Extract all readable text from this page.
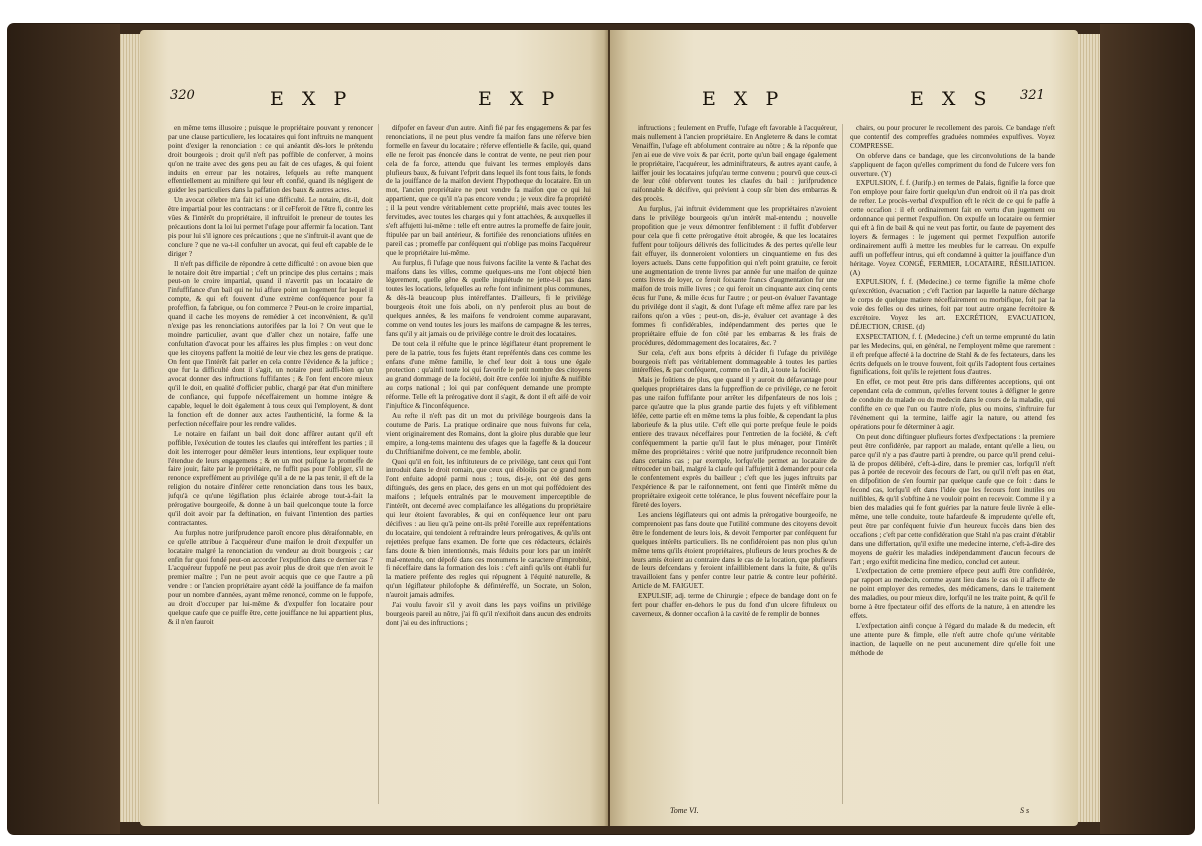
320	E X P	E X P

en même tems illusoire ; puisque le propriétaire pouvant y renoncer par une clause particuliere, les locataires qui font inftruits ne manquent point d'exiger la renonciation : ce qui anéantit dès-lors le prétendu droit bourgeois ; droit qu'il n'eft pas poffible de conferver, à moins qu'on ne traite avec des gens peu au fait de ces ufages, & qui foient induits en erreur par les notaires, lefquels au refte manquent effentiellement au miniftere qui leur eft confié, quand ils négligent de guider les particuliers dans la paffation des baux & autres actes.

Un avocat célebre m'a fait ici une difficulté. Le notaire, dit-il, doit être impartial pour les contractans : or il ceFferoit de l'être fi, contre les vûes & l'intérêt du propriétaire, il inftruifoit le preneur de toutes les précautions dont la loi lui permet l'ufage pour affermir fa location. Tant pis pour lui s'il ignore ces précautions ; que ne s'inftruit-il avant que de conclure ? que ne va-t-il confulter un avocat, qui feul eft capable de le diriger ?

Il n'eft pas difficile de répondre à cette difficulté : on avoue bien que le notaire doit être impartial ; c'eft un principe des plus certains ; mais peut-on le croire impartial, quand il n'avertit pas un locataire de l'infuffifance d'un bail qui ne lui affure point un logement fur lequel il compte, & qui eft fouvent d'une extrème conféquence pour fa profeffion, fa fabrique, ou fon commerce ? Peut-on le croire impartial, quand il cache les moyens de remédier à cet inconvénient, & qu'il n'exige pas les renonciations autorifées par la loi ? On veut que le moindre particulier, avant que d'aller chez un notaire, faffe une confultation d'avocat pour les affaires les plus fimples : on veut donc que les citoyens paffent la moitié de leur vie chez les gens de pratique. On fent que l'intérêt fait parler en cela contre l'évidence & la juftice ; que fur la difficulté dont il s'agit, un notaire peut auffi-bien qu'un avocat donner des inftructions fuffifantes ; & l'on fent encore mieux qu'il le doit, en qualité d'officier public, chargé par état d'un miniftere de confiance, qui fuppofe néceffairement un homme intégre & capable, lequel le doit également à tous ceux qui l'employent, & dont la fonction eft de donner aux actes l'authenticité, la forme & la perfection néceffaire pour les rendre valides.

Le notaire en faifant un bail doit donc affûrer autant qu'il eft poffible, l'exécution de toutes les claufes qui intéreffent les parties ; il doit les interroger pour démêler leurs intentions, leur expliquer toute l'étendue de leurs engagemens ; & en un mot puifque la promeffe de faire jouir, faite par le propriétaire, ne fuffit pas pour l'obliger, s'il ne renonce expreffément au privilége qu'il a de ne la pas tenir, il eft de la religion du notaire d'inférer cette renonciation dans tous les baux, jufqu'à ce qu'une légiflation plus éclairée abroge tout-à-fait la prérogative bourgeoife, & donne à un bail quelconque toute la force qu'il doit avoir par fa deftination, en fuivant l'intention des parties contractantes.

Au furplus notre jurifprudence paroît encore plus déraifonnable, en ce qu'elle attribue à l'acquéreur d'une maifon le droit d'expulfer un locataire malgré la renonciation du vendeur au droit bourgeois ; car enfin fur quoi fondé peut-on accorder l'expulfion dans ce dernier cas ? L'acquéreur fuppofé ne peut pas avoir plus de droit que n'en avoit le premier maître ; l'un ne peut avoir acquis que ce que l'autre a pû vendre : or l'ancien propriétaire ayant cédé la jouiffance de fa maifon pour un nombre d'années, ayant même renoncé, comme on le fuppofe, au droit d'occuper par lui-même & d'expulfer fon locataire pour quelque caufe que ce puiffe être, cette jouiffance ne lui appartient plus, & il n'en fauroit

difpofer en faveur d'un autre. Ainfi fié par fes engagemens & par fes renonciations, il ne peut plus vendre fa maifon fans une réferve bien formelle en faveur du locataire ; réferve effentielle & facile, qui, quand elle ne feroit pas énoncée dans le contrat de vente, ne peut rien pour cela de fa force, attendu que fuivant les termes employés dans plufieurs baux, & fuivant l'efprit dans lequel ils font tous faits, le fonds de la jouiffance de la maifon devient l'hypotheque du locataire. En un mot, l'ancien propriétaire ne peut vendre fa maifon que ce qui lui appartient, que ce qu'il n'a pas encore vendu ; je veux dire fa propriété ; il la peut vendre véritablement cette propriété, mais avec toutes les fervitudes, avec toutes les charges qui y font attachées, & auxquelles il s'eft affujetti lui-même : telle eft entre autres la promeffe de faire jouir, ftipulée par un bail antérieur, & fortifiée des renonciations ufitées en pareil cas ; promeffe par conféquent qui n'oblige pas moins l'acquéreur que le propriétaire lui-même.

Au furplus, fi l'ufage que nous fuivons facilite la vente & l'achat des maifons dans les villes, comme quelques-uns me l'ont objecté bien légerement, quelle gêne & quelle inquiétude ne jette-t-il pas dans toutes les locations, lefquelles au refte font infiniment plus communes, & dès-là beaucoup plus intéreffantes. D'ailleurs, fi le privilége bourgeois étoit une fois aboli, on n'y penferoit plus au bout de quelques années, & les maifons fe vendroient comme auparavant, comme on vend toutes les jours les maifons de campagne & les terres, fans qu'il y ait jamais ou de privilége contre le droit des locataires.

De tout cela il réfulte que le prince légiflateur étant proprement le pere de la patrie, tous fes fujets étant repréfentés dans ces comme les enfans d'une même famille, le chef leur doit à tous une égale protection : qu'ainfi toute loi qui favorife le petit nombre des citoyens au grand dommage de la fociété, doit être cenfée loi injufte & nuifible au corps national ; loi qui par conféquent demande une prompte réforme. Telle eft la prérogative dont il s'agit, & dont il eft aifé de voir l'injuftice & l'inconféquence.

Au refte il n'eft pas dit un mot du privilége bourgeois dans la coutume de Paris. La pratique ordinaire que nous fuivons fur cela, vient originairement des Romains, dont la gloire plus durable que leur empire, a long-tems maintenu des ufages que la fageffe & la douceur du Chriftianifme doivent, ce me femble, abolir.

Quoi qu'il en foit, les inftituteurs de ce privilége, tant ceux qui l'ont introduit dans le droit romain, que ceux qui ébloüis par ce grand nom l'ont enfuite adopté parmi nous ; tous, dis-je, ont été des gens diftingués, des gens en place, des gens en un mot qui poffédoient des maifons ; lefquels entraînés par le mouvement imperceptible de l'intérêt, ont decerné avec complaifance les allégations du propriétaire qui leur étoient favorables, & qui en conféquence leur ont paru décifives : au lieu qu'à peine ont-ils prêté l'oreille aux repréfentations du locataire, qui tendoient à reftraindre leurs prérogatives, & qu'ils ont rejettées prefque fans examen. De forte que ces rédacteurs, éclairés fans doute & bien intentionnés, mais féduits pour lors par un intérêt mal-entendu, ont dépofé dans ces monumens le caractere d'improbité, fi néceffaire dans la formation des lois : c'eft ainfi qu'ils ont établi fur la matiere préfente des regles qui répugnent à l'équité naturelle, & qu'un légiflateur philofophe & défintéreffé, un Socrate, un Solon, n'auroit jamais admifes.

J'ai voulu favoir s'il y avoit dans les pays voifins un privilége bourgeois pareil au nôtre, j'ai fû qu'il n'exiftoit dans aucun des endroits dont j'ai eu des inftructions ;

E X P	E X S 321

inftructions ; feulement en Pruffe, l'ufage eft favorable à l'acquéreur, mais nullement à l'ancien propriétaire. En Angleterre & dans le comtat Venaiffin, l'ufage eft abfolument contraire au nôtre ; & la réponfe que j'en ai eue de vive voix & par écrit, porte qu'un bail engage également le propriétaire, l'acquéreur, les adminiftrateurs, & autres ayant caufe, à laiffer jouir les locataires jufqu'au terme convenu ; pourvû que ceux-ci de leur côté obfervent toutes les claufes du bail : jurifprudence raifonnable & décifive, qui prévient à coup sûr bien des embarras & des procès.

Au furplus, j'ai inftruit évidemment que les propriétaires n'avoient dans le privilége bourgeois qu'un intérêt mal-entendu ; nouvelle propofition que je veux démontrer fenfiblement : il fuffit d'obferver pour cela que fi cette prérogative étoit abrogée, & que les locataires fuffent pour toûjours délivrés des follicitudes & des pertes qu'elle leur fait effuyer, ils donneroient volontiers un cinquantieme en fus des loyers actuels. Dans cette fuppofition qui n'eft point gratuite, ce feroit une augmentation de trente livres par année fur une maifon de quinze cents livres de loyer, ce feroit foixante francs d'augmentation fur une maifon de trois mille livres ; ce qui feroit un cinquante aux cinq cents écus fur l'une, & mille écus fur l'autre ; or peut-on évaluer l'avantage du privilége dont il s'agit, & dont l'ufage eft même affez rare par les raifons qu'on a vûes ; peut-on, dis-je, évaluer cet avantage à des fommes fi confidérables, indépendamment des pertes que le propriétaire effuie de fon côté par les embarras & les frais de procédures, dédommagement des locataires, &c. ?

Sur cela, c'eft aux bons efprits à décider fi l'ufage du privilége bourgeois n'eft pas véritablement dommageable à toutes les parties intéreffées, & par conféquent, comme on l'a dit, à toute la fociété.

Mais je foûtiens de plus, que quand il y auroit du défavantage pour quelques propriétaires dans la fuppreffion de ce privilége, ce ne feroit pas une raifon fuffifante pour arrêter les difpenfateurs de nos lois ; parce qu'autre que la plus grande partie des fujets y eft vifiblement léfée, cette partie eft en même tems la plus foible, & cependant la plus laborieufe & la plus utile. C'eft elle qui porte prefque feule le poids entiere des travaux néceffaires pour l'entretien de la fociété, & c'eft conféquemment la partie qu'il faut le plus ménager, pour l'intérêt même des propriétaires : vérité que notre jurifprudence reconnoît bien dans certains cas ; par exemple, lorfqu'elle permet au locataire de rétroceder un bail, malgré la claufe qui l'affujettit à demander pour cela le confentement exprès du bailleur ; c'eft que les juges inftruits par l'expérience & par le raifonnement, ont fenti que l'intérêt même du propriétaire exigeoit cette tolérance, le plus fouvent néceffaire pour la fûreté des loyers.

Les anciens légiflateurs qui ont admis la prérogative bourgeoife, ne comprenoient pas fans doute que l'utilité commune des citoyens devoit être le fondement de leurs lois, & devoit l'emporter par conféquent fur quelques intérêts particuliers. Ils ne confidéroient pas non plus qu'un même tems qu'ils étoient propriétaires, plufieurs de leurs proches & de leurs amis étoient au contraire dans le cas de la location, que plufieurs de leurs defcendans y feroient infailliblement dans la fuite, & qu'ils travailloient fans y penfer contre leur patrie & contre leur poftérité. Article de M. FAIGUET.

EXPULSIF, adj. terme de Chirurgie ; efpece de bandage dont on fe fert pour chaffer en-dehors le pus du fond d'un ulcere fiftuleux ou caverneux, & donner occafion à la cavité de fe remplir de bonnes

chairs, ou pour procurer le recollement des parois. Ce bandage n'eft que contentif des compreffes graduées nommées expulfives. Voyez COMPRESSE.

On obferve dans ce bandage, que les circonvolutions de la bande s'appliquent de façon qu'elles compriment du fond de l'ulcere vers fon ouverture. (Y)

EXPULSION, f. f. (Jurifp.) en termes de Palais, fignifie la force que l'on employe pour faire fortir quelqu'un d'un endroit où il n'a pas droit de refter. Le procès-verbal d'expulfion eft le récit de ce qui fe paffe à cette occafion : il eft ordinairement fait en vertu d'un jugement ou ordonnance qui permet l'expulfion. On expulfe un locataire ou fermier qui eft à fin de bail & qui ne veut pas fortir, ou faute de payement des loyers & fermages : le jugement qui permet l'expulfion autorife ordinairement auffi à mettre les meubles fur le carreau. On expulfe auffi un poffeffeur intrus, qui eft condamné à quitter la jouiffance d'un héritage. Voyez CONGÉ, FERMIER, LOCATAIRE, RÉSILIATION. (A)

EXPULSION, f. f. (Medecine.) ce terme fignifie la même chofe qu'excrétion, évacuation ; c'eft l'action par laquelle la nature décharge le corps de quelque matiere néceffairement ou morbifique, foit par la voie des felles ou des urines, foit par tout autre organe fecrétoire & excrétoire. Voyez les art. EXCRÉTION, EVACUATION, DÉJECTION, CRISE. (d)

EXSPECTATION, f. f. (Medecine.) c'eft un terme emprunté du latin par les Medecins, qui, en général, ne l'employent même que rarement : il eft prefque affecté à la doctrine de Stahl & de fes fectateurs, dans les écrits defquels on le trouve fouvent, foit qu'ils l'adoptent fous certaines fignifications, foit qu'ils le rejettent fous d'autres.

En effet, ce mot peut être pris dans différentes acceptions, qui ont cependant cela de commun, qu'elles fervent toutes à défigner le genre de conduite du malade ou du medecin dans le cours de la maladie, qui confifte en ce que l'un ou l'autre n'ofe, plus ou moins, s'inftruire fur l'événement qui la termine, laiffe agir la nature, ou attend fes opérations pour fe déterminer à agir.

On peut donc diftinguer plufieurs fortes d'exfpectations : la premiere peut être confidérée, par rapport au malade, entant qu'elle a lieu, ou parce qu'il n'y a pas d'autre parti à prendre, ou parce qu'il prend celui-là de propos délibéré, c'eft-à-dire, dans le premier cas, lorfqu'il n'eft pas à portée de recevoir des fecours de l'art, ou qu'il n'eft pas en état, en difpofition de s'en fournir par quelque caufe que ce foit : dans le fecond cas, lorfqu'il eft dans l'idée que les fecours font inutiles ou nuifibles, & qu'il s'obftine à ne vouloir point en recevoir. Comme il y a bien des maladies qui fe font guéries par la nature feule livrée à elle-même, une telle conduite, toute hafardeufe & imprudente qu'elle eft, peut être par conféquent fuivie d'un heureux fuccès dans bien des occafions ; c'eft par cette confidération que Stahl n'a pas craint d'établir dans une differtation, qu'il exifte une medecine interne, c'eft-à-dire des moyens de guérir les maladies indépendamment d'aucun fecours de l'art ; ergo exiftit medicina fine medico, conclud cet auteur.

L'exfpectation de cette premiere efpece peut auffi être confidérée, par rapport au medecin, comme ayant lieu dans le cas où il affecte de ne point employer des remedes, des médicamens, dans le traitement des maladies, ou pour mieux dire, lorfqu'il ne les traite point, & qu'il fe borne à être fpectateur oifif des efforts de la nature, à en attendre les effets.

L'exfpectation ainfi conçue à l'égard du malade & du medecin, eft une attente pure & fimple, elle n'eft autre chofe qu'une véritable inaction, de laquelle on ne peut aucunement dire qu'elle foit une méthode de

Tome VI.	S s
